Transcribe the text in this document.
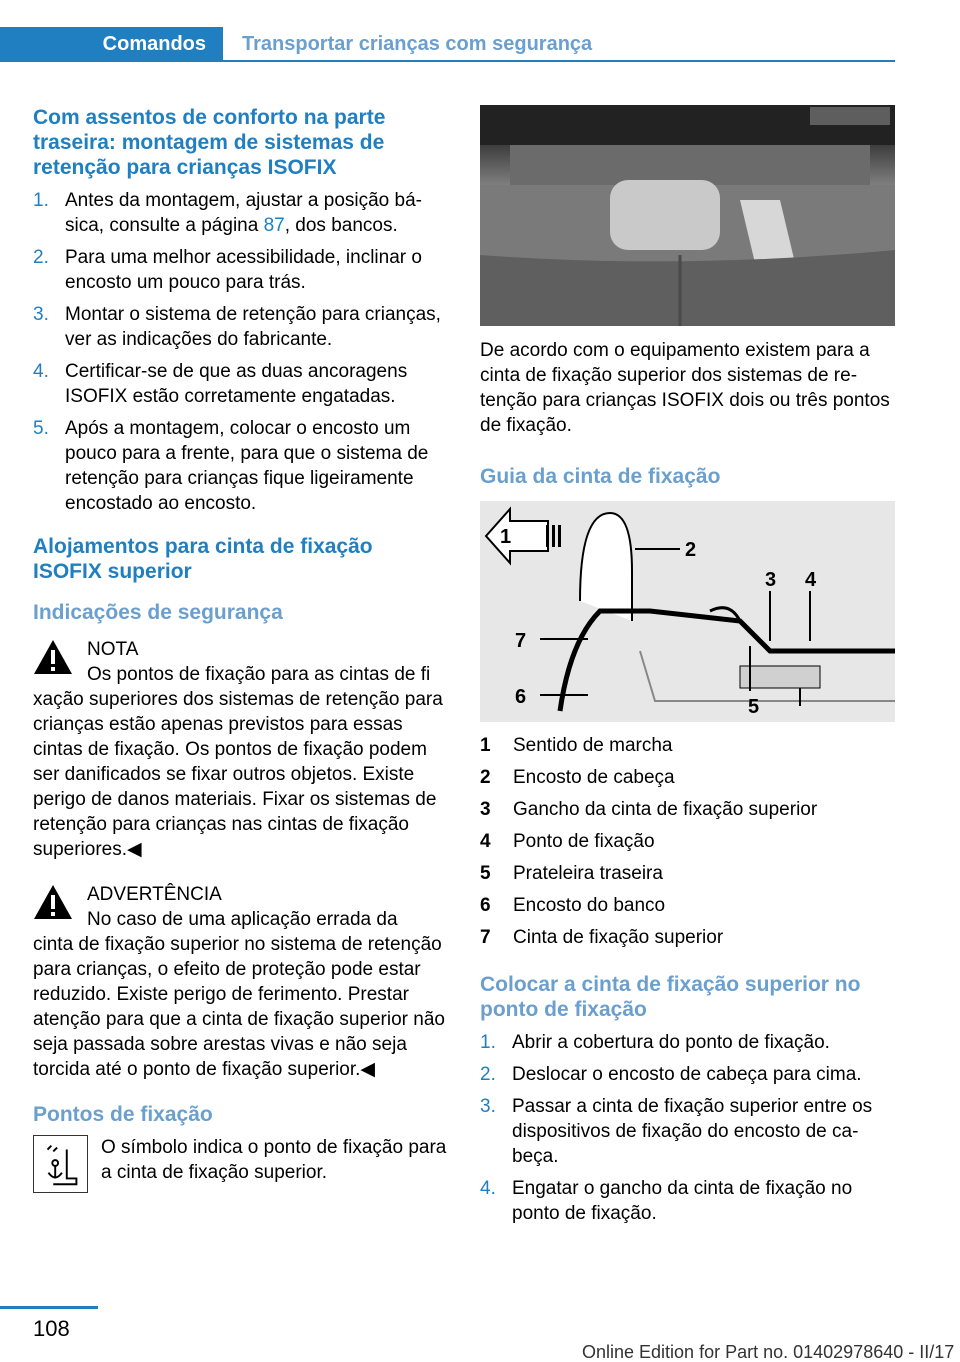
Comandos	Transportar crianças com segurança
Com assentos de conforto na parte traseira: montagem de sistemas de retenção para crianças ISOFIX
1. Antes da montagem, ajustar a posição básica, consulte a página 87, dos bancos.
2. Para uma melhor acessibilidade, inclinar o encosto um pouco para trás.
3. Montar o sistema de retenção para crianças, ver as indicações do fabricante.
4. Certificar-se de que as duas ancoragens ISOFIX estão corretamente engatadas.
5. Após a montagem, colocar o encosto um pouco para a frente, para que o sistema de retenção para crianças fique ligeiramente encostado ao encosto.
Alojamentos para cinta de fixação ISOFIX superior
Indicações de segurança

NOTA

Os pontos de fixação para as cintas de fi

xação superiores dos sistemas de retenção para crianças estão apenas previstos para essas cintas de fixação. Os pontos de fixação podem ser danificados se fixar outros objetos. Existe perigo de danos materiais. Fixar os sistemas de retenção para crianças nas cintas de fixação superiores.◀

ADVERTÊNCIA

No caso de uma aplicação errada da

cinta de fixação superior no sistema de retenção para crianças, o efeito de proteção pode estar reduzido. Existe perigo de ferimento. Prestar atenção para que a cinta de fixação superior não seja passada sobre arestas vivas e não seja torcida até o ponto de fixação superior.◀

Pontos de fixação

O símbolo indica o ponto de fixação para a cinta de fixação superior.

De acordo com o equipamento existem para a cinta de fixação superior dos sistemas de retenção para crianças ISOFIX dois ou três pontos de fixação.

Guia da cinta de fixação
1
2
3 4
5
6
7
1	Sentido de marcha
2	Encosto de cabeça
3	Gancho da cinta de fixação superior
4	Ponto de fixação
5	Prateleira traseira
6	Encosto do banco
7	Cinta de fixação superior
Colocar a cinta de fixação superior no ponto de fixação
1. Abrir a cobertura do ponto de fixação.
2. Deslocar o encosto de cabeça para cima.
3. Passar a cinta de fixação superior entre os dispositivos de fixação do encosto de cabeça.
4. Engatar o gancho da cinta de fixação no ponto de fixação.
108
Online Edition for Part no. 01402978640 - II/17
